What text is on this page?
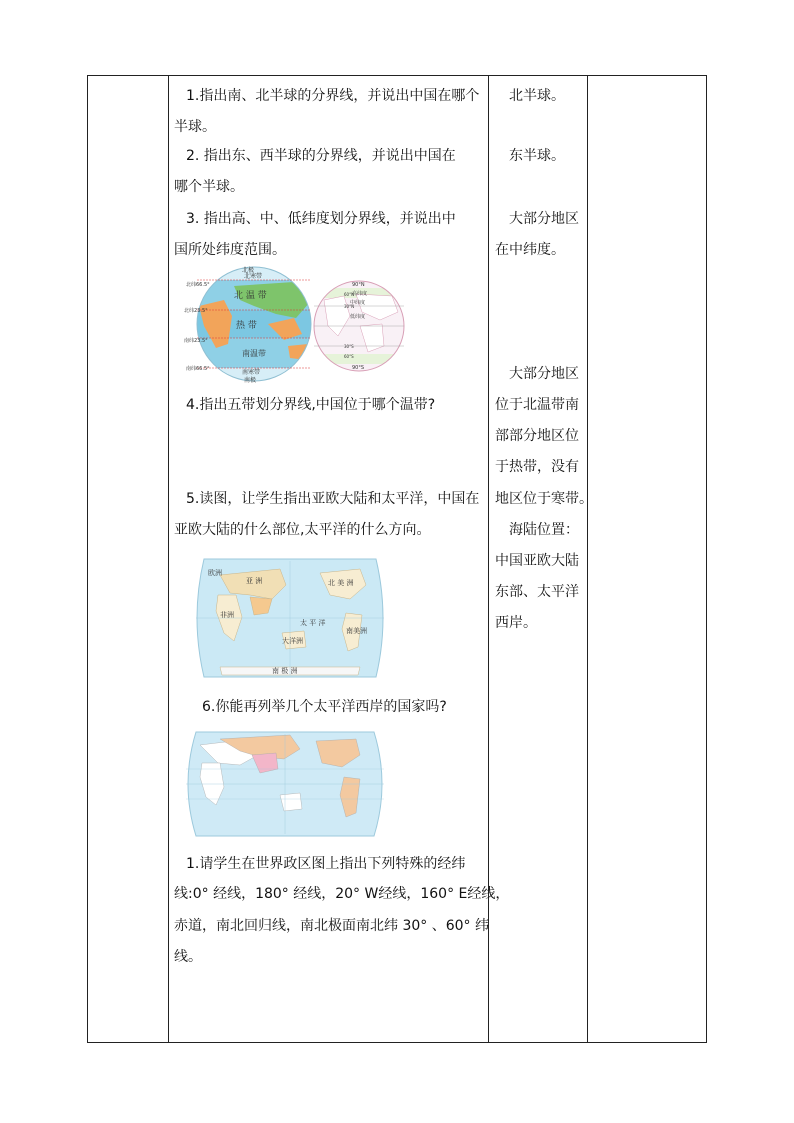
1.指出南、北半球的分界线，并说出中国在哪个
半球。
2. 指出东、西半球的分界线，并说出中国在
哪个半球。
3. 指出高、中、低纬度划分界线，并说出中
国所处纬度范围。
北极
南极
北寒带
北 温 带
热 带
南温带
南寒带
北纬66.5°
北纬23.5°
南纬23.5°
南纬66.5°
90°N
高纬度
60°N
中纬度
30°N
低纬度
30°S
60°S
90°S
4.指出五带划分界线,中国位于哪个温带?
5.读图，让学生指出亚欧大陆和太平洋，中国在
亚欧大陆的什么部位,太平洋的什么方向。
亚 洲
欧洲
非洲
北 美 洲
南美洲
大洋洲
太 平 洋
南 极 洲
6.你能再列举几个太平洋西岸的国家吗?
1.请学生在世界政区图上指出下列特殊的经纬
线:0° 经线，180° 经线，20° W经线，160° E经线，
赤道，南北回归线，南北极面南北纬 30° 、60° 纬
线。
北半球。
东半球。
大部分地区
在中纬度。
大部分地区
位于北温带南
部部分地区位
于热带，没有
地区位于寒带。
海陆位置：
中国亚欧大陆
东部、太平洋
西岸。
